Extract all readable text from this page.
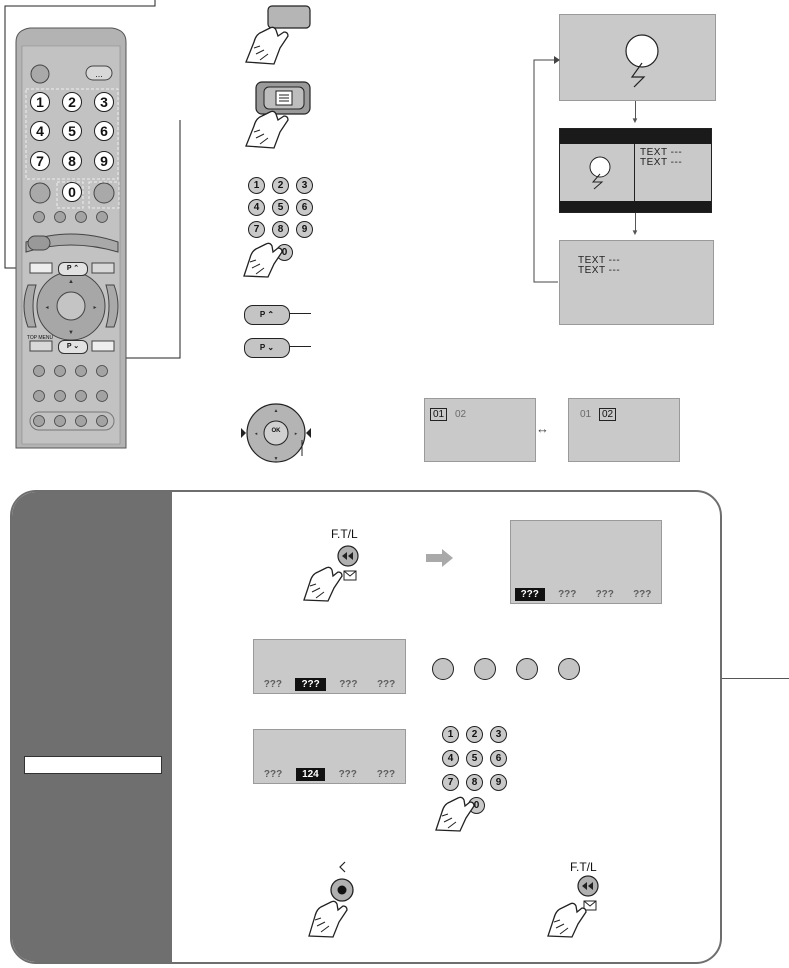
...
▲
▼
◂	▸
TOP MENU
1	2	3
4	5	6
7	8	9
0
P ⌃
P ⌄
1	2	3
4	5	6
7	8	9
0
P ⌃
P ⌄
▲
▼
◂	▸
OK
▼
TEXT ---
TEXT ---
▼
TEXT ---
TEXT ---
01	02
↔
01	02
F.T/L
???	???	???	???
???	???	???	???
???	124	???	???
1	2	3
4	5	6
7	8	9
0
F.T/L
